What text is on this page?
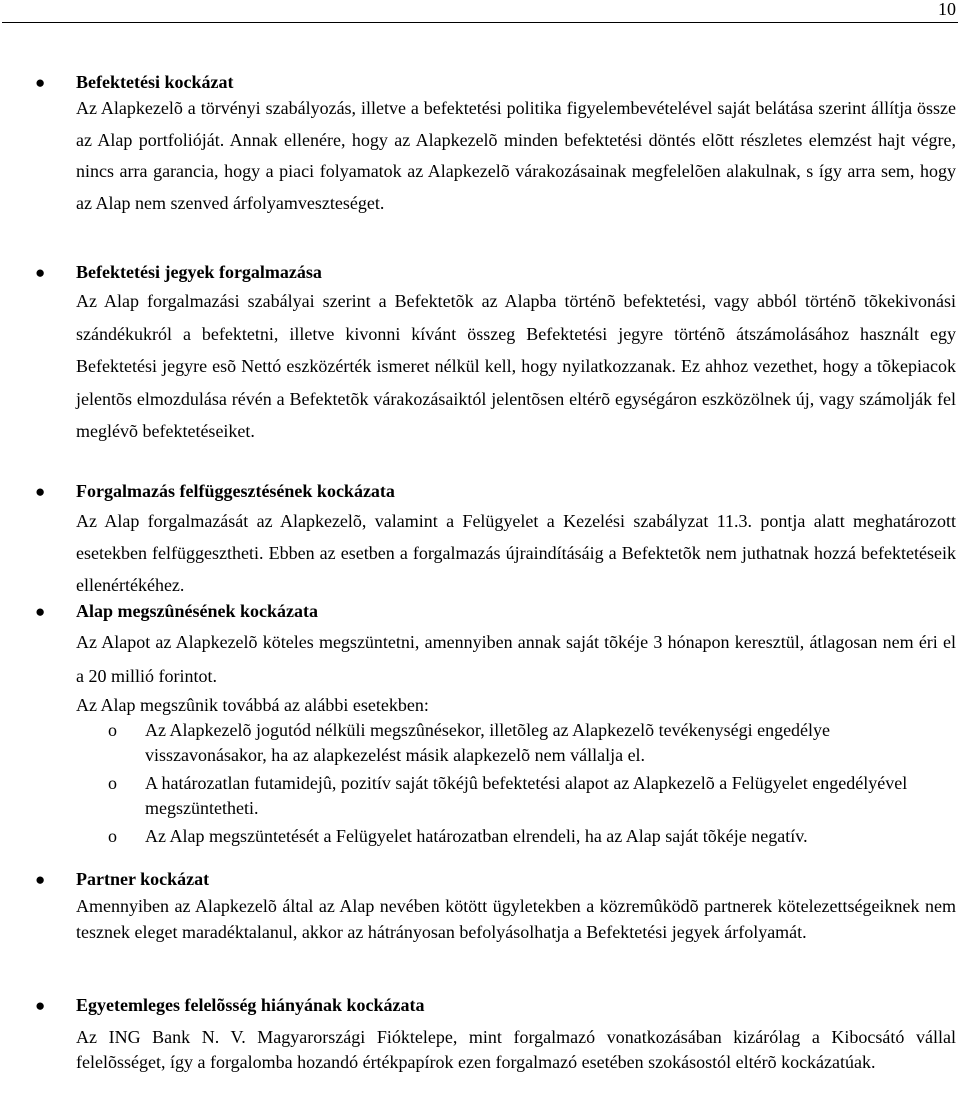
10
● Befektetési kockázat

Az Alapkezelõ a törvényi szabályozás, illetve a befektetési politika figyelembevételével saját belátása szerint állítja össze az Alap portfolióját. Annak ellenére, hogy az Alapkezelõ minden befektetési döntés elõtt részletes elemzést hajt végre, nincs arra garancia, hogy a piaci folyamatok az Alapkezelõ várakozásainak megfelelõen alakulnak, s így arra sem, hogy az Alap nem szenved árfolyamveszteséget.

● Befektetési jegyek forgalmazása

Az Alap forgalmazási szabályai szerint a Befektetõk az Alapba történõ befektetési, vagy abból történõ tõkekivonási szándékukról a befektetni, illetve kivonni kívánt összeg Befektetési jegyre történõ átszámolásához használt egy Befektetési jegyre esõ Nettó eszközérték ismeret nélkül kell, hogy nyilatkozzanak. Ez ahhoz vezethet, hogy a tõkepiacok jelentõs elmozdulása révén a Befektetõk várakozásaiktól jelentõsen eltérõ egységáron eszközölnek új, vagy számolják fel meglévõ befektetéseiket.

● Forgalmazás felfüggesztésének kockázata

Az Alap forgalmazását az Alapkezelõ, valamint a Felügyelet a Kezelési szabályzat 11.3. pontja alatt meghatározott esetekben felfüggesztheti. Ebben az esetben a forgalmazás újraindításáig a Befektetõk nem juthatnak hozzá befektetéseik ellenértékéhez.

● Alap megszûnésének kockázata

Az Alapot az Alapkezelõ köteles megszüntetni, amennyiben annak saját tõkéje 3 hónapon keresztül, átlagosan nem éri el a 20 millió forintot.

Az Alap megszûnik továbbá az alábbi esetekben:

o Az Alapkezelõ jogutód nélküli megszûnésekor, illetõleg az Alapkezelõ tevékenységi engedélye visszavonásakor, ha az alapkezelést másik alapkezelõ nem vállalja el.
o A határozatlan futamidejû, pozitív saját tõkéjû befektetési alapot az Alapkezelõ a Felügyelet engedélyével megszüntetheti.
o Az Alap megszüntetését a Felügyelet határozatban elrendeli, ha az Alap saját tõkéje negatív.
● Partner kockázat

Amennyiben az Alapkezelõ által az Alap nevében kötött ügyletekben a közremûködõ partnerek kötelezettségeiknek nem tesznek eleget maradéktalanul, akkor az hátrányosan befolyásolhatja a Befektetési jegyek árfolyamát.

● Egyetemleges felelõsség hiányának kockázata

Az ING Bank N. V. Magyarországi Fióktelepe, mint forgalmazó vonatkozásában kizárólag a Kibocsátó vállal felelõsséget, így a forgalomba hozandó értékpapírok ezen forgalmazó esetében szokásostól eltérõ kockázatúak.
